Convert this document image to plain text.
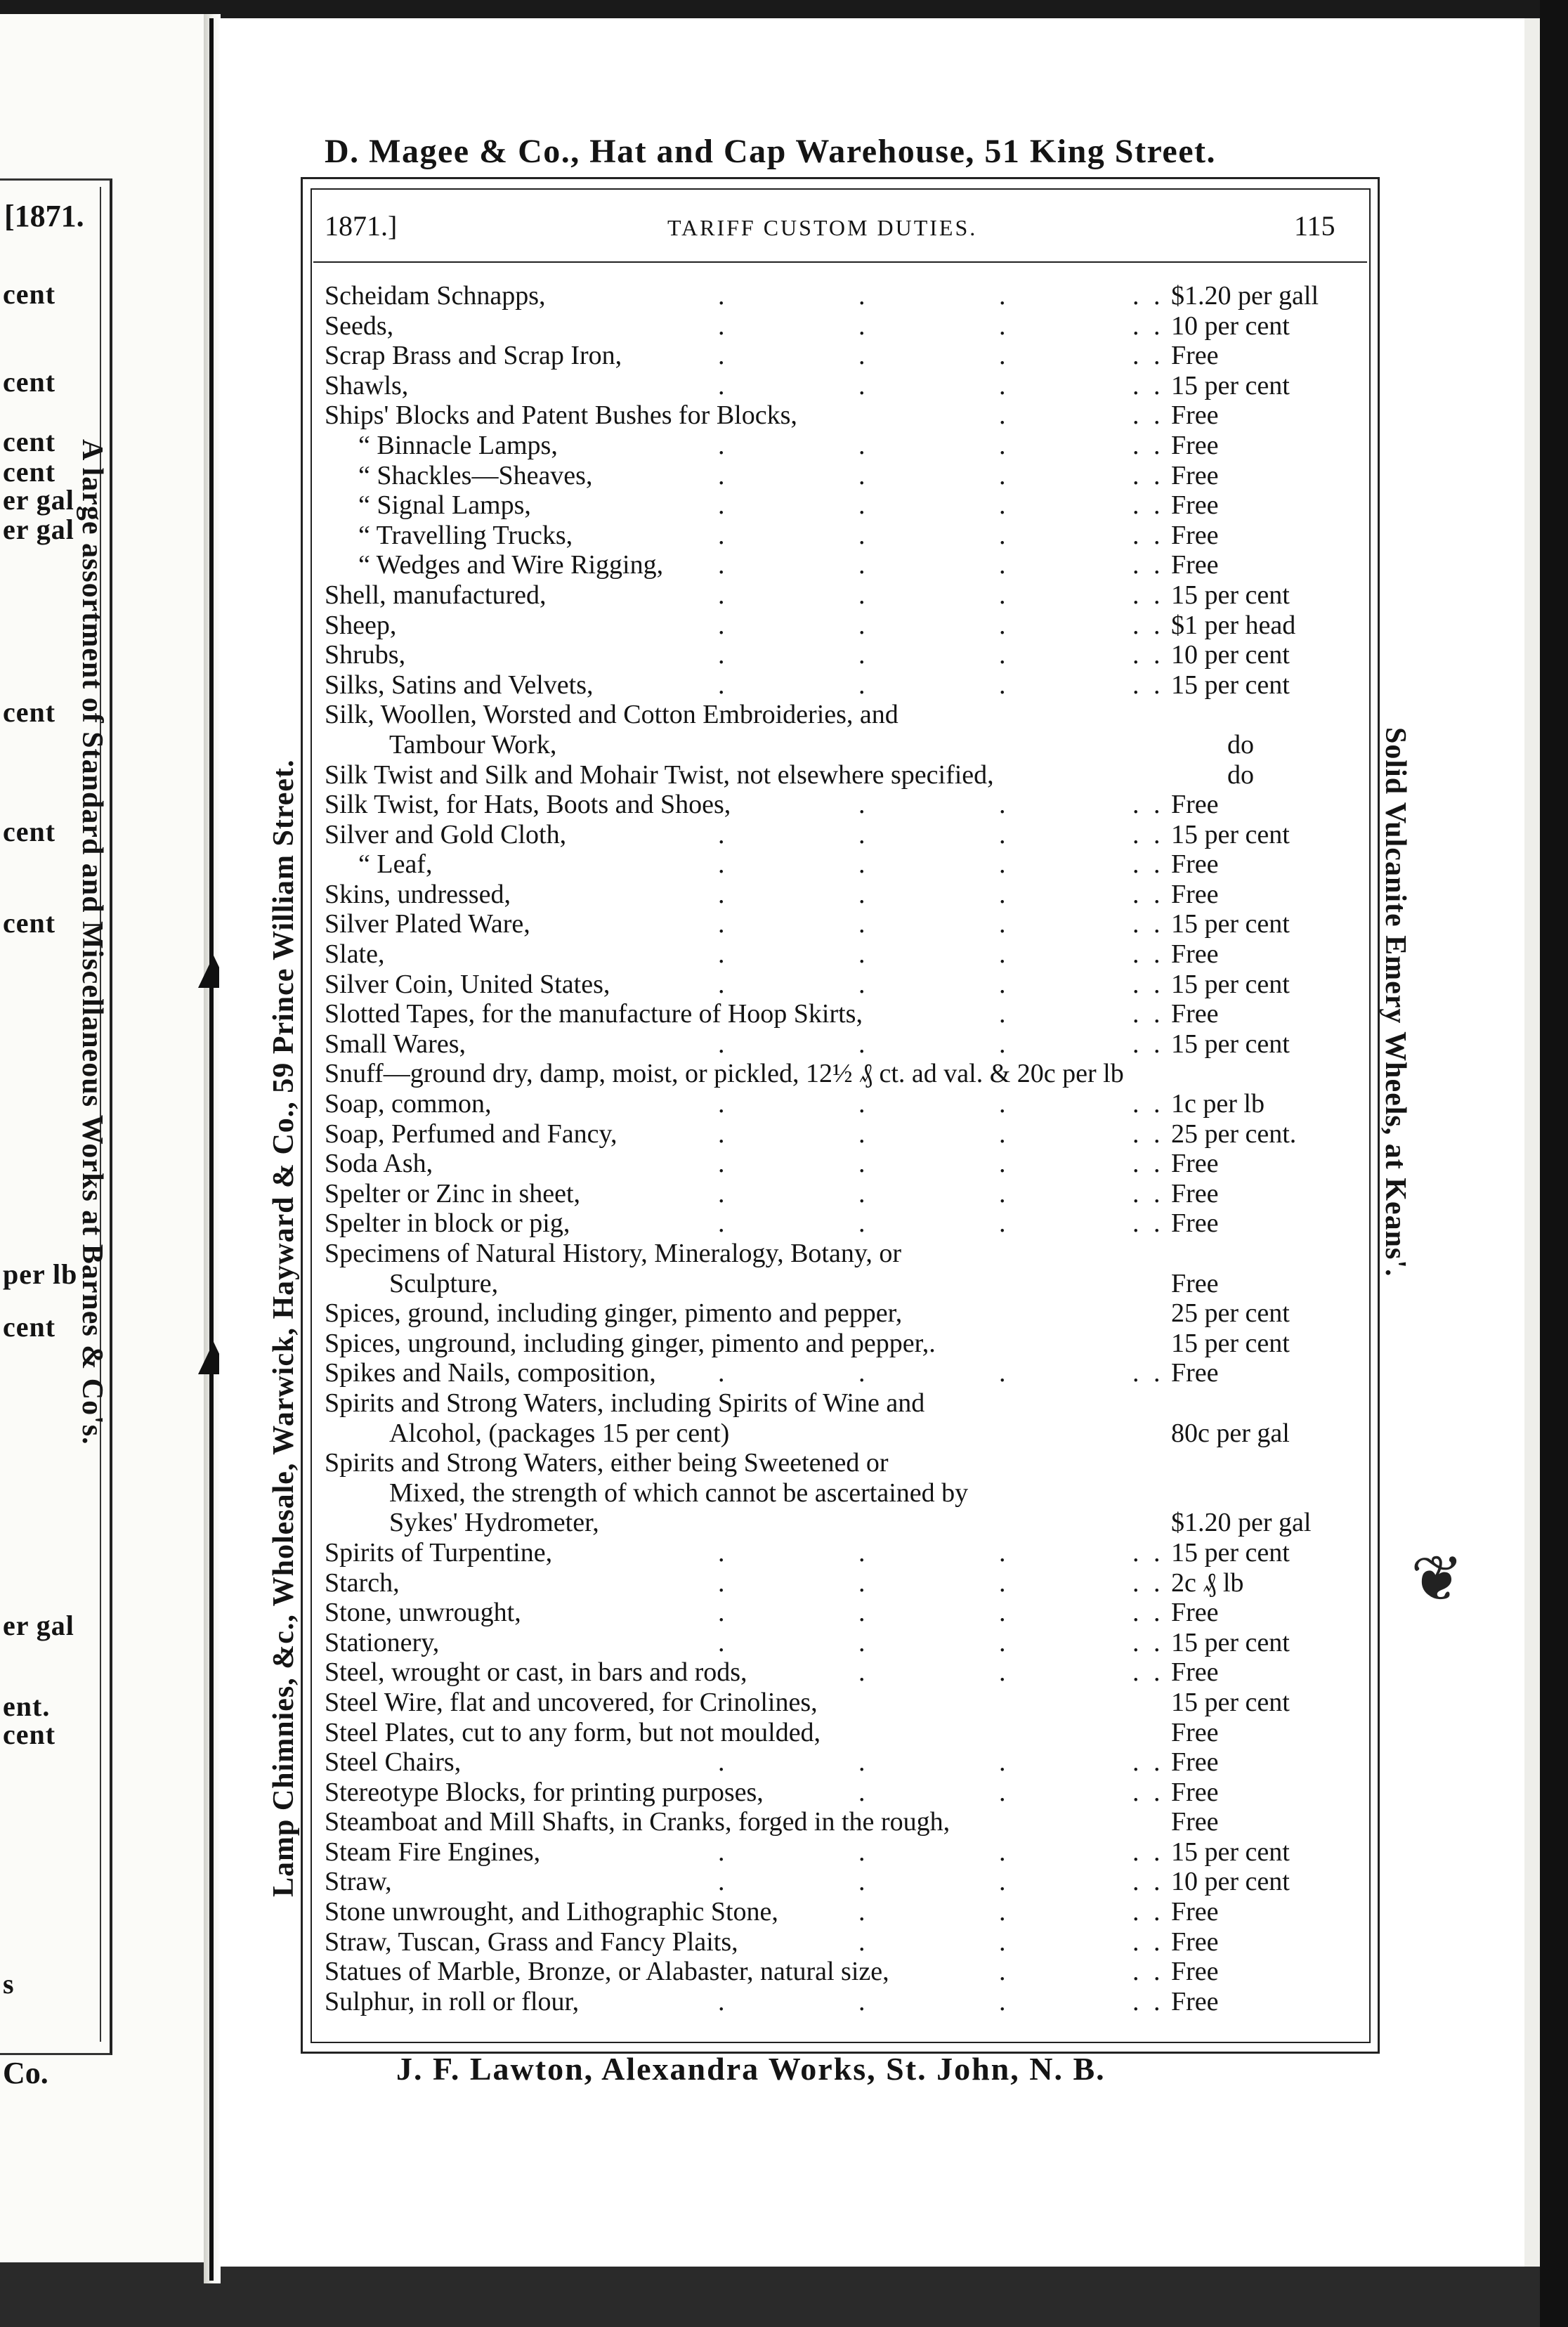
[1871.
cent
cent
cent
cent
er gal
er gal
cent
cent
cent
per lb
cent
er gal
ent.
cent
s
Co.
A large assortment of Standard and Miscellaneous Works at Barnes & Co's.	Lamp Chimnies, &c., Wholesale, Warwick, Hayward & Co., 59 Prince William Street.	Solid Vulcanite Emery Wheels, at Keans'.
❦
D. Magee & Co., Hat and Cap Warehouse, 51 King Street.
J. F. Lawton, Alexandra Works, St. John, N. B.
1871.]	TARIFF CUSTOM DUTIES.	115
.	.	.	. .
Scheidam Schnapps,	$1.20 per gall
.	.	.	. .
Seeds,	10 per cent
.	.	.	. .
Scrap Brass and Scrap Iron,	Free
.	.	.	. .
Shawls,	15 per cent
.	. .
Ships' Blocks and Patent Bushes for Blocks,	Free
.	.	.	. .
“ Binnacle Lamps,	Free
.	.	.	. .
“ Shackles—Sheaves,	Free
.	.	.	. .
“ Signal Lamps,	Free
.	.	.	. .
“ Travelling Trucks,	Free
.	.	.	. .
“ Wedges and Wire Rigging,	Free
.	.	.	. .
Shell, manufactured,	15 per cent
.	.	.	. .
Sheep,	$1 per head
.	.	.	. .
Shrubs,	10 per cent
.	.	.	. .
Silks, Satins and Velvets,	15 per cent
Silk, Woollen, Worsted and Cotton Embroideries, and
Tambour Work,	do
Silk Twist and Silk and Mohair Twist, not elsewhere specified,	do
.	.	. .
Silk Twist, for Hats, Boots and Shoes,	Free
.	.	.	. .
Silver and Gold Cloth,	15 per cent
.	.	.	. .
“ Leaf,	Free
.	.	.	. .
Skins, undressed,	Free
.	.	.	. .
Silver Plated Ware,	15 per cent
.	.	.	. .
Slate,	Free
.	.	.	. .
Silver Coin, United States,	15 per cent
.	. .
Slotted Tapes, for the manufacture of Hoop Skirts,	Free
.	.	.	. .
Small Wares,	15 per cent
Snuff—ground dry, damp, moist, or pickled, 12½ ₰ ct. ad val. & 20c per lb
.	.	.	. .
Soap, common,	1c per lb
.	.	.	. .
Soap, Perfumed and Fancy,	25 per cent.
.	.	.	. .
Soda Ash,	Free
.	.	.	. .
Spelter or Zinc in sheet,	Free
.	.	.	. .
Spelter in block or pig,	Free
Specimens of Natural History, Mineralogy, Botany, or
Sculpture,	Free
Spices, ground, including ginger, pimento and pepper,	25 per cent
Spices, unground, including ginger, pimento and pepper,.	15 per cent
.	.	.	. .
Spikes and Nails, composition,	Free
Spirits and Strong Waters, including Spirits of Wine and
Alcohol, (packages 15 per cent)	80c per gal
Spirits and Strong Waters, either being Sweetened or
Mixed, the strength of which cannot be ascertained by
Sykes' Hydrometer,	$1.20 per gal
.	.	.	. .
Spirits of Turpentine,	15 per cent
.	.	.	. .
Starch,	2c ₰ lb
.	.	.	. .
Stone, unwrought,	Free
.	.	.	. .
Stationery,	15 per cent
.	.	. .
Steel, wrought or cast, in bars and rods,	Free
Steel Wire, flat and uncovered, for Crinolines,	15 per cent
Steel Plates, cut to any form, but not moulded,	Free
.	.	.	. .
Steel Chairs,	Free
.	.	. .
Stereotype Blocks, for printing purposes,	Free
Steamboat and Mill Shafts, in Cranks, forged in the rough,	Free
.	.	.	. .
Steam Fire Engines,	15 per cent
.	.	.	. .
Straw,	10 per cent
.	.	. .
Stone unwrought, and Lithographic Stone,	Free
.	.	. .
Straw, Tuscan, Grass and Fancy Plaits,	Free
.	. .
Statues of Marble, Bronze, or Alabaster, natural size,	Free
.	.	.	. .
Sulphur, in roll or flour,	Free
